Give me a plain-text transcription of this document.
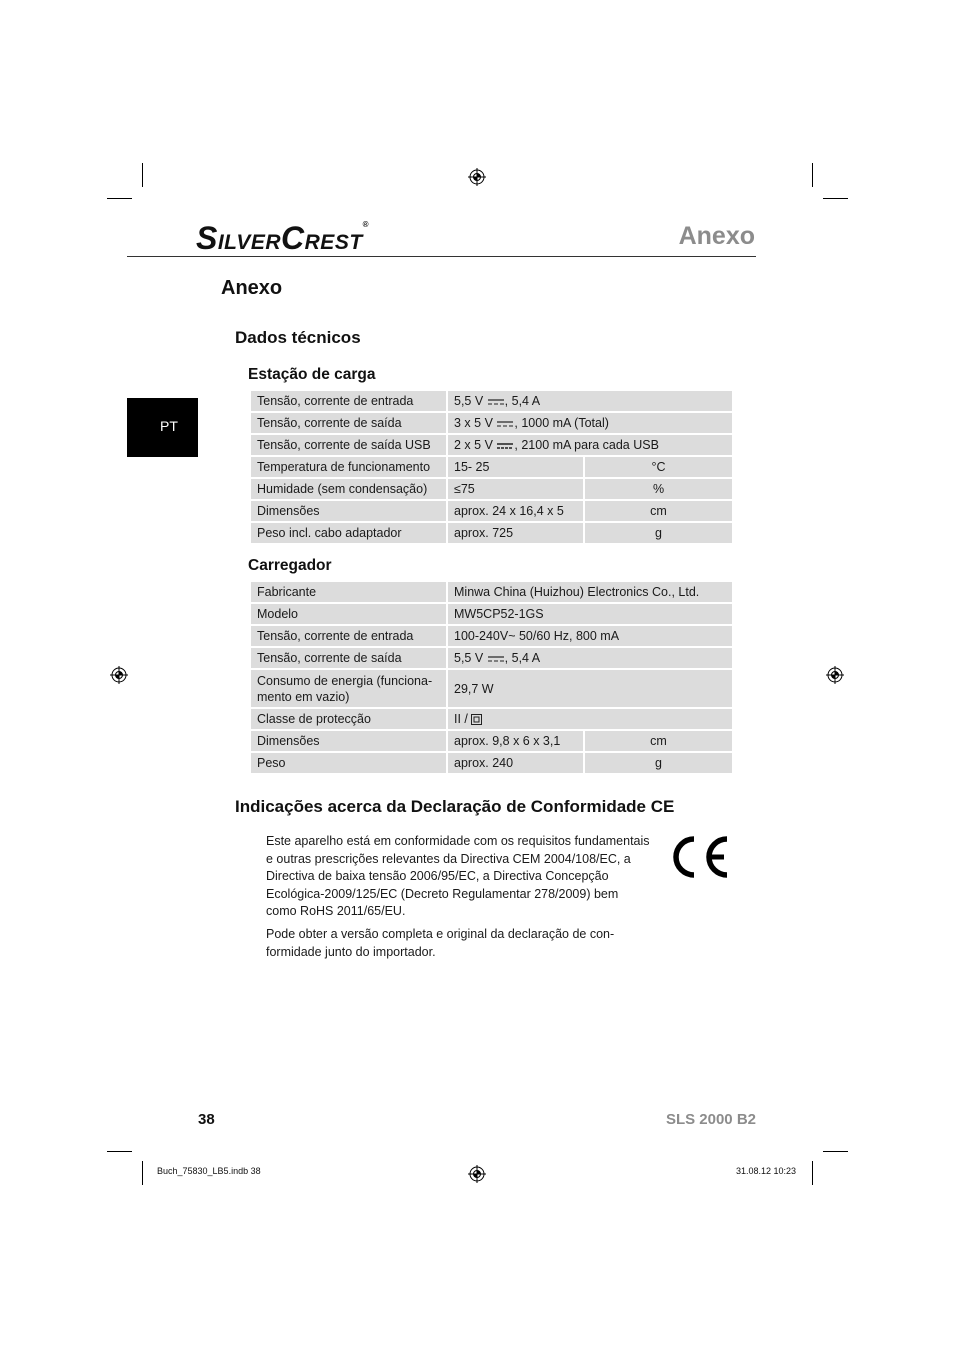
SILVERCREST®	Anexo
PT
Anexo
Dados técnicos
Estação de carga
Tensão, corrente de entrada	5,5 V , 5,4 A	
Tensão, corrente de saída	3 x 5 V , 1000 mA (Total)	
Tensão, corrente de saída USB	2 x 5 V , 2100 mA para cada USB	
Temperatura de funcionamento	15- 25	°C
Humidade (sem condensação)	≤75	%
Dimensões	aprox. 24 x 16,4 x 5	cm
Peso incl. cabo adaptador	aprox. 725	g
Carregador
Fabricante	Minwa China (Huizhou) Electronics Co., Ltd.	
Modelo	MW5CP52-1GS	
Tensão, corrente de entrada	100-240V~ 50/60 Hz, 800 mA	
Tensão, corrente de saída	5,5 V , 5,4 A	
Consumo de energia (funciona-mento em vazio)	29,7 W	
Classe de protecção	II /	
Dimensões	aprox. 9,8 x 6 x 3,1	cm
Peso	aprox. 240	g
Indicações acerca da Declaração de Conformidade CE
Este aparelho está em conformidade com os requisitos fundamentais e outras prescrições relevantes da Directiva CEM 2004/108/EC, a Directiva de baixa tensão 2006/95/EC, a Directiva Concepção Ecológica-2009/125/EC (Decreto Regulamentar 278/2009) bem como RoHS 2011/65/EU.
Pode obter a versão completa e original da declaração de con-formidade junto do importador.
38	SLS 2000 B2
Buch_75830_LB5.indb 38	31.08.12 10:23
